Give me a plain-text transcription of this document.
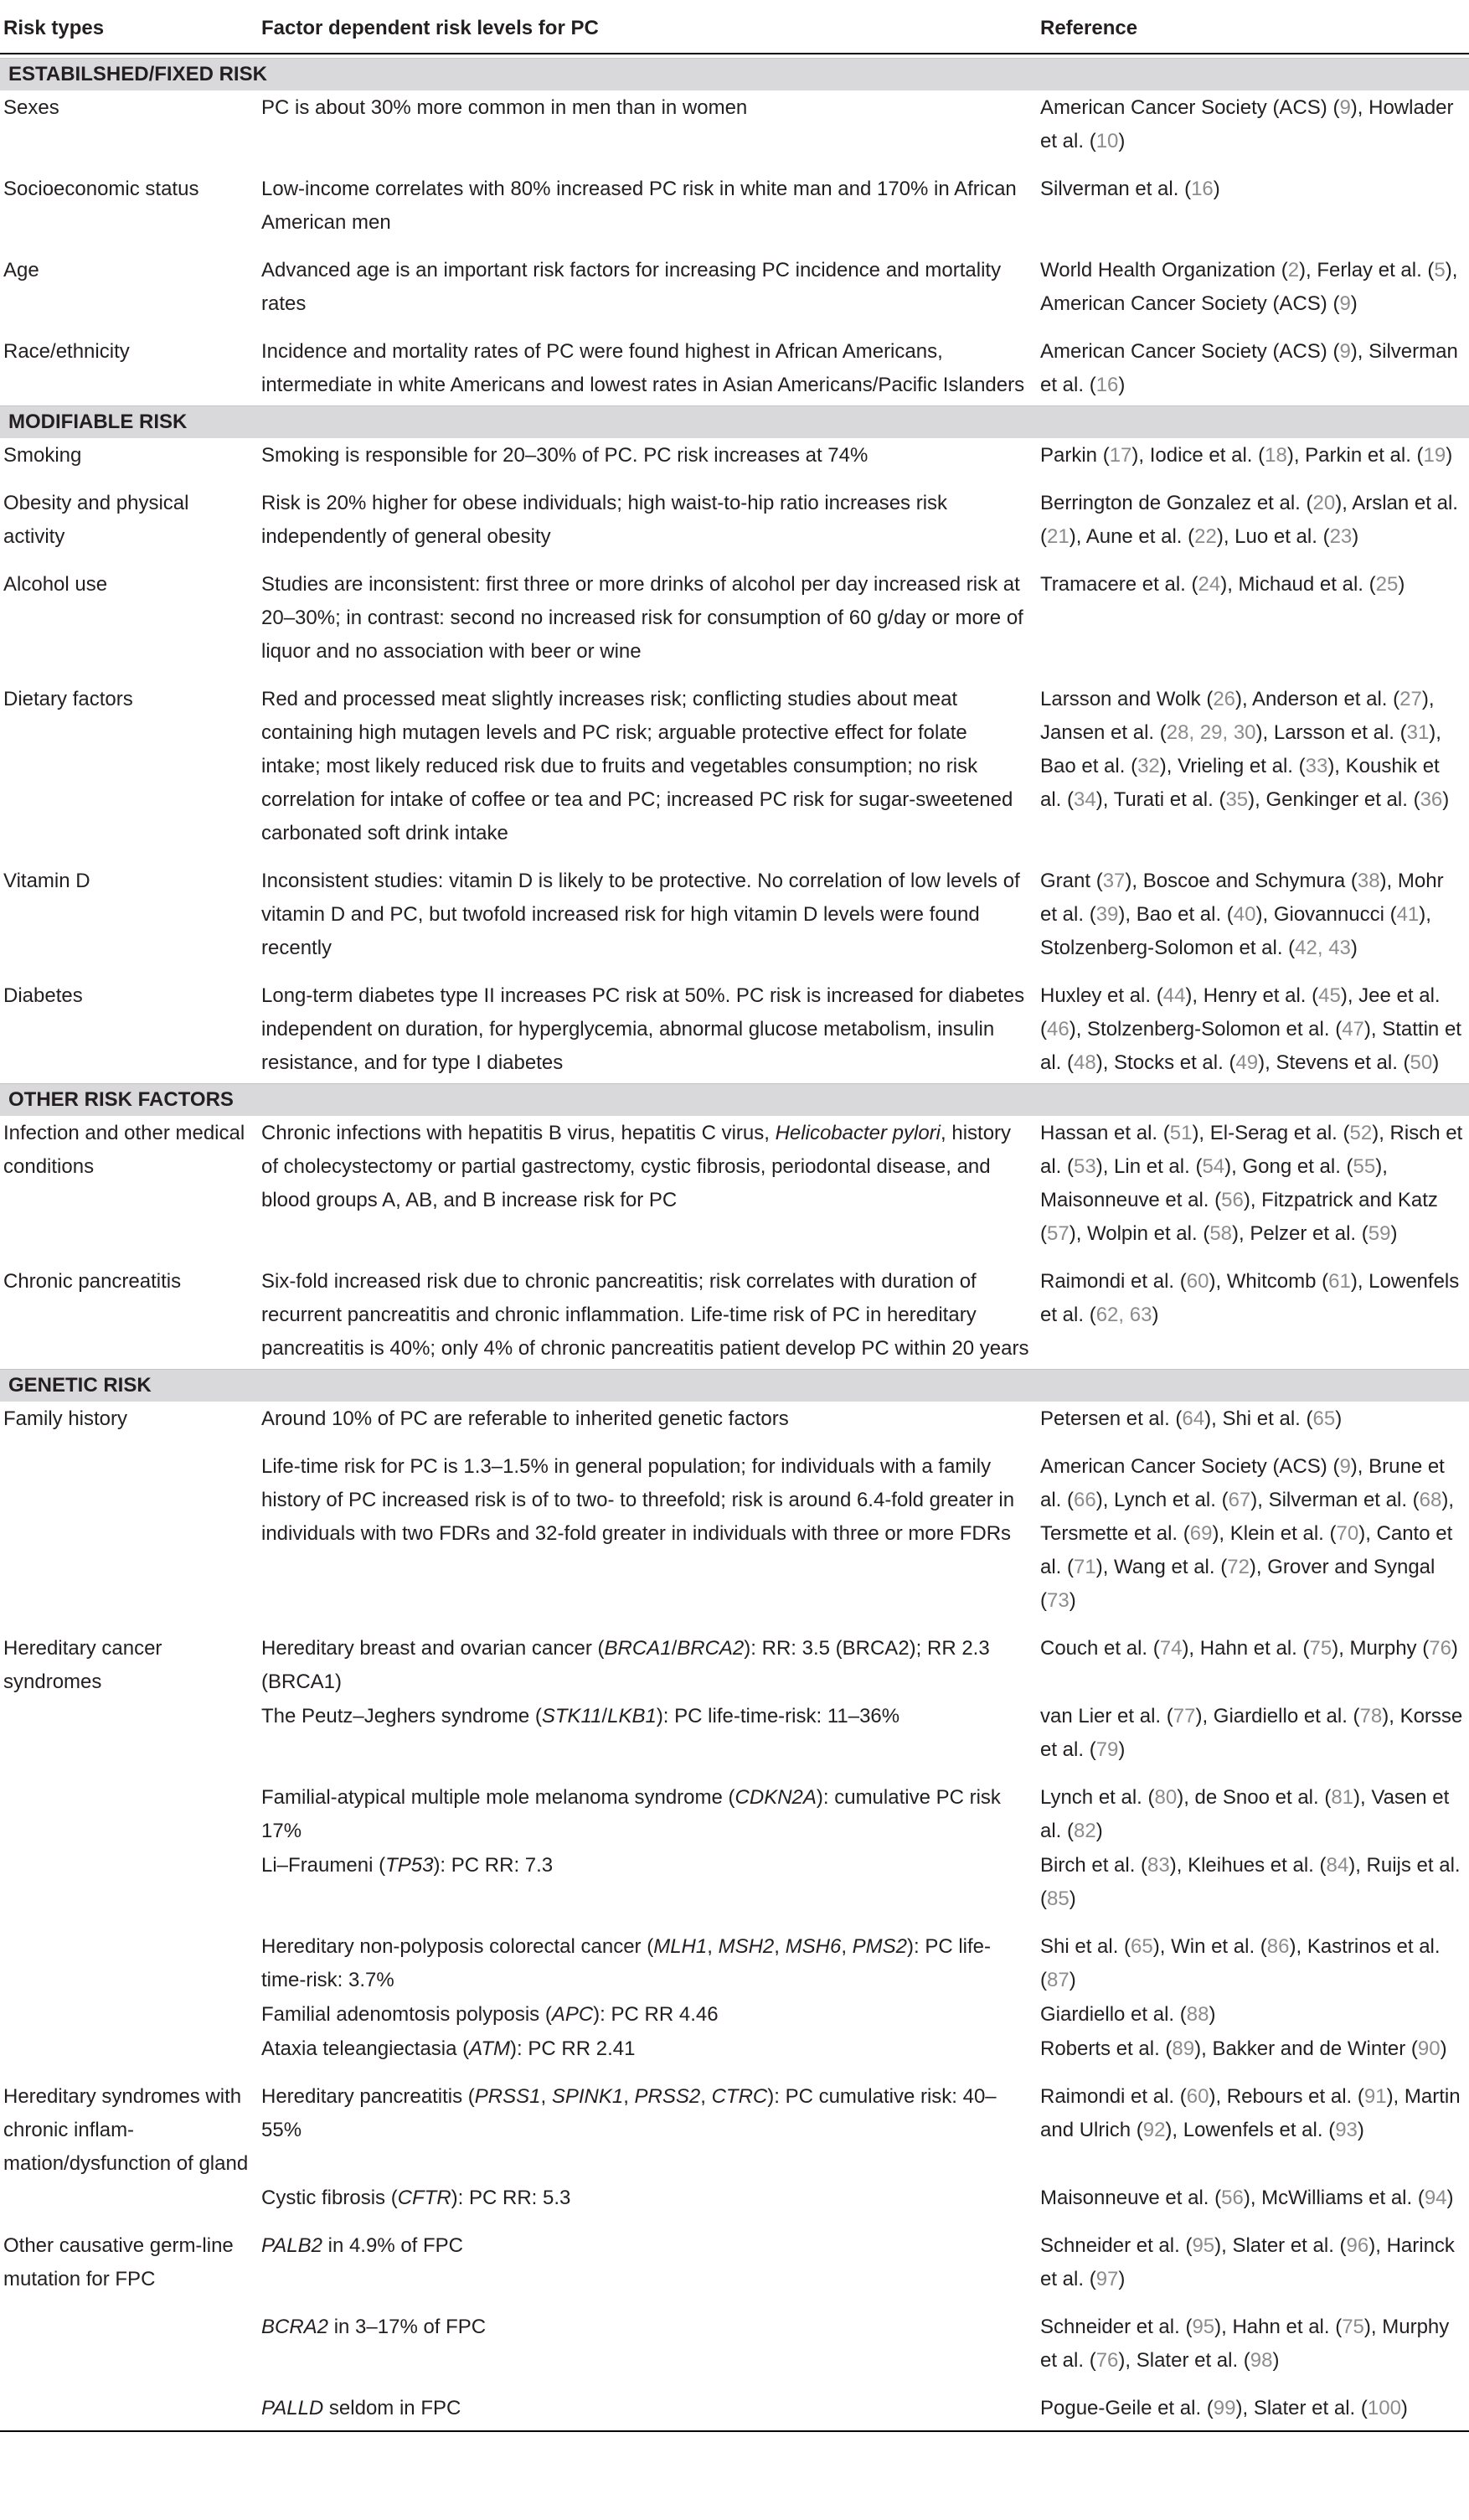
Risk types	Factor dependent risk levels for PC	Reference

ESTABILSHED/FIXED RISK		
Sexes	PC is about 30% more common in men than in women	American Cancer Society (ACS) (9), Howlader et al. (10)
Socioeconomic status	Low-income correlates with 80% increased PC risk in white man and 170% in African American men	Silverman et al. (16)
Age	Advanced age is an important risk factors for increasing PC incidence and mortality rates	World Health Organization (2), Ferlay et al. (5), American Cancer Society (ACS) (9)
Race/ethnicity	Incidence and mortality rates of PC were found highest in African Americans, intermediate in white Americans and lowest rates in Asian Americans/Pacific Islanders	American Cancer Society (ACS) (9), Silverman et al. (16)
MODIFIABLE RISK		
Smoking	Smoking is responsible for 20–30% of PC. PC risk increases at 74%	Parkin (17), Iodice et al. (18), Parkin et al. (19)
Obesity and physical activity	Risk is 20% higher for obese individuals; high waist-to-hip ratio increases risk independently of general obesity	Berrington de Gonzalez et al. (20), Arslan et al. (21), Aune et al. (22), Luo et al. (23)
Alcohol use	Studies are inconsistent: first three or more drinks of alcohol per day increased risk at 20–30%; in contrast: second no increased risk for consumption of 60 g/day or more of liquor and no association with beer or wine	Tramacere et al. (24), Michaud et al. (25)
Dietary factors	Red and processed meat slightly increases risk; conflicting studies about meat containing high mutagen levels and PC risk; arguable protective effect for folate intake; most likely reduced risk due to fruits and vegetables consumption; no risk correlation for intake of coffee or tea and PC; increased PC risk for sugar-sweetened carbonated soft drink intake	Larsson and Wolk (26), Anderson et al. (27), Jansen et al. (28, 29, 30), Larsson et al. (31), Bao et al. (32), Vrieling et al. (33), Koushik et al. (34), Turati et al. (35), Genkinger et al. (36)
Vitamin D	Inconsistent studies: vitamin D is likely to be protective. No correlation of low levels of vitamin D and PC, but twofold increased risk for high vitamin D levels were found recently	Grant (37), Boscoe and Schymura (38), Mohr et al. (39), Bao et al. (40), Giovannucci (41), Stolzenberg-Solomon et al. (42, 43)
Diabetes	Long-term diabetes type II increases PC risk at 50%. PC risk is increased for diabetes independent on duration, for hyperglycemia, abnormal glucose metabolism, insulin resistance, and for type I diabetes	Huxley et al. (44), Henry et al. (45), Jee et al. (46), Stolzenberg-Solomon et al. (47), Stattin et al. (48), Stocks et al. (49), Stevens et al. (50)
OTHER RISK FACTORS		
Infection and other medical conditions	Chronic infections with hepatitis B virus, hepatitis C virus, Helicobacter pylori, history of cholecystectomy or partial gastrectomy, cystic fibrosis, periodontal disease, and blood groups A, AB, and B increase risk for PC	Hassan et al. (51), El-Serag et al. (52), Risch et al. (53), Lin et al. (54), Gong et al. (55), Maisonneuve et al. (56), Fitzpatrick and Katz (57), Wolpin et al. (58), Pelzer et al. (59)
Chronic pancreatitis	Six-fold increased risk due to chronic pancreatitis; risk correlates with duration of recurrent pancreatitis and chronic inflammation. Life-time risk of PC in hereditary pancreatitis is 40%; only 4% of chronic pancreatitis patient develop PC within 20 years	Raimondi et al. (60), Whitcomb (61), Lowenfels et al. (62, 63)
GENETIC RISK		
Family history	Around 10% of PC are referable to inherited genetic factors	Petersen et al. (64), Shi et al. (65)
	Life-time risk for PC is 1.3–1.5% in general population; for individuals with a family history of PC increased risk is of to two- to threefold; risk is around 6.4-fold greater in individuals with two FDRs and 32-fold greater in individuals with three or more FDRs	American Cancer Society (ACS) (9), Brune et al. (66), Lynch et al. (67), Silverman et al. (68), Tersmette et al. (69), Klein et al. (70), Canto et al. (71), Wang et al. (72), Grover and Syngal (73)
Hereditary cancer syndromes	Hereditary breast and ovarian cancer (BRCA1/BRCA2): RR: 3.5 (BRCA2); RR 2.3 (BRCA1)	Couch et al. (74), Hahn et al. (75), Murphy (76)
	The Peutz–Jeghers syndrome (STK11/LKB1): PC life-time-risk: 11–36%	van Lier et al. (77), Giardiello et al. (78), Korsse et al. (79)
	Familial-atypical multiple mole melanoma syndrome (CDKN2A): cumulative PC risk 17%	Lynch et al. (80), de Snoo et al. (81), Vasen et al. (82)
	Li–Fraumeni (TP53): PC RR: 7.3	Birch et al. (83), Kleihues et al. (84), Ruijs et al. (85)
	Hereditary non-polyposis colorectal cancer (MLH1, MSH2, MSH6, PMS2): PC life-time-risk: 3.7%	Shi et al. (65), Win et al. (86), Kastrinos et al. (87)
	Familial adenomtosis polyposis (APC): PC RR 4.46	Giardiello et al. (88)
	Ataxia teleangiectasia (ATM): PC RR 2.41	Roberts et al. (89), Bakker and de Winter (90)
Hereditary syndromes with chronic inflam-mation/dysfunction of gland	Hereditary pancreatitis (PRSS1, SPINK1, PRSS2, CTRC): PC cumulative risk: 40–55%	Raimondi et al. (60), Rebours et al. (91), Martin and Ulrich (92), Lowenfels et al. (93)
	Cystic fibrosis (CFTR): PC RR: 5.3	Maisonneuve et al. (56), McWilliams et al. (94)
Other causative germ-line mutation for FPC	PALB2 in 4.9% of FPC	Schneider et al. (95), Slater et al. (96), Harinck et al. (97)
	BCRA2 in 3–17% of FPC	Schneider et al. (95), Hahn et al. (75), Murphy et al. (76), Slater et al. (98)
	PALLD seldom in FPC	Pogue-Geile et al. (99), Slater et al. (100)
